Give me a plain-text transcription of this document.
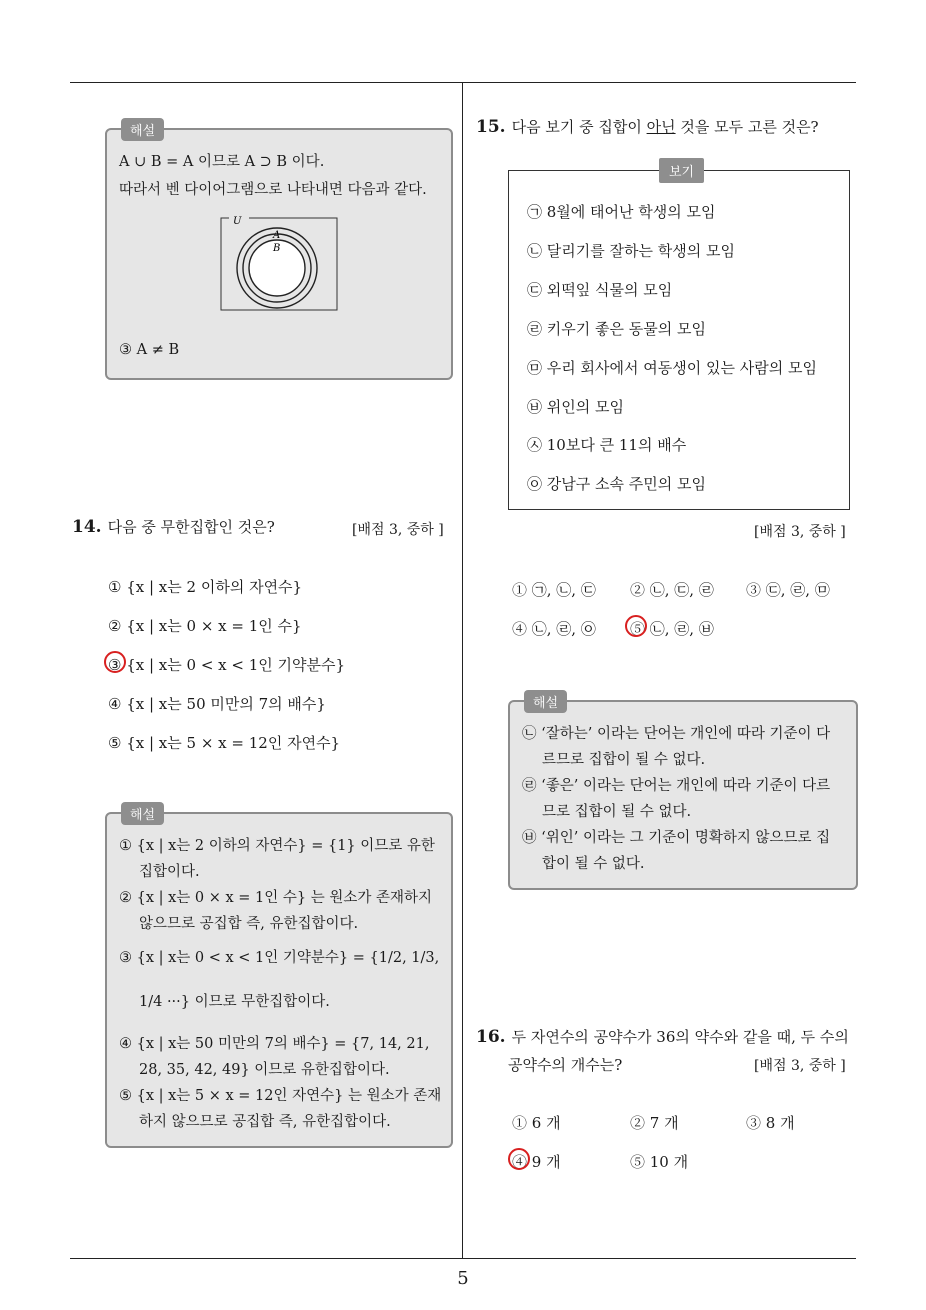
해설
A ∪ B = A 이므로 A ⊃ B 이다.
따라서 벤 다이어그램으로 나타내면 다음과 같다.
U
A
B
③ A ≠ B
14. 다음 중 무한집합인 것은?	[배점 3, 중하 ]
① {x | x는 2 이하의 자연수}
② {x | x는 0 × x = 1인 수}
③ {x | x는 0 < x < 1인 기약분수}
④ {x | x는 50 미만의 7의 배수}
⑤ {x | x는 5 × x = 12인 자연수}
해설
① {x | x는 2 이하의 자연수} = {1} 이므로 유한
집합이다.
② {x | x는 0 × x = 1인 수} 는 원소가 존재하지
않으므로 공집합 즉, 유한집합이다.
③ {x | x는 0 < x < 1인 기약분수} = {1/2, 1/3,
1/4 ···} 이므로 무한집합이다.
④ {x | x는 50 미만의 7의 배수} = {7, 14, 21,
28, 35, 42, 49} 이므로 유한집합이다.
⑤ {x | x는 5 × x = 12인 자연수} 는 원소가 존재
하지 않으므로 공집합 즉, 유한집합이다.
15. 다음 보기 중 집합이 아닌 것을 모두 고른 것은?
보기
㉠ 8월에 태어난 학생의 모임
㉡ 달리기를 잘하는 학생의 모임
㉢ 외떡잎 식물의 모임
㉣ 키우기 좋은 동물의 모임
㉤ 우리 회사에서 여동생이 있는 사람의 모임
㉥ 위인의 모임
㉦ 10보다 큰 11의 배수
㉧ 강남구 소속 주민의 모임
[배점 3, 중하 ]
① ㉠, ㉡, ㉢ ② ㉡, ㉢, ㉣ ③ ㉢, ㉣, ㉤
④ ㉡, ㉣, ㉧ ⑤ ㉡, ㉣, ㉥
해설
㉡ ‘잘하는’ 이라는 단어는 개인에 따라 기준이 다
르므로 집합이 될 수 없다.
㉣ ‘좋은’ 이라는 단어는 개인에 따라 기준이 다르
므로 집합이 될 수 없다.
㉥ ‘위인’ 이라는 그 기준이 명확하지 않으므로 집
합이 될 수 없다.
16. 두 자연수의 공약수가 36의 약수와 같을 때, 두 수의
공약수의 개수는?	[배점 3, 중하 ]
① 6 개	② 7 개	③ 8 개
④ 9 개	⑤ 10 개
5
